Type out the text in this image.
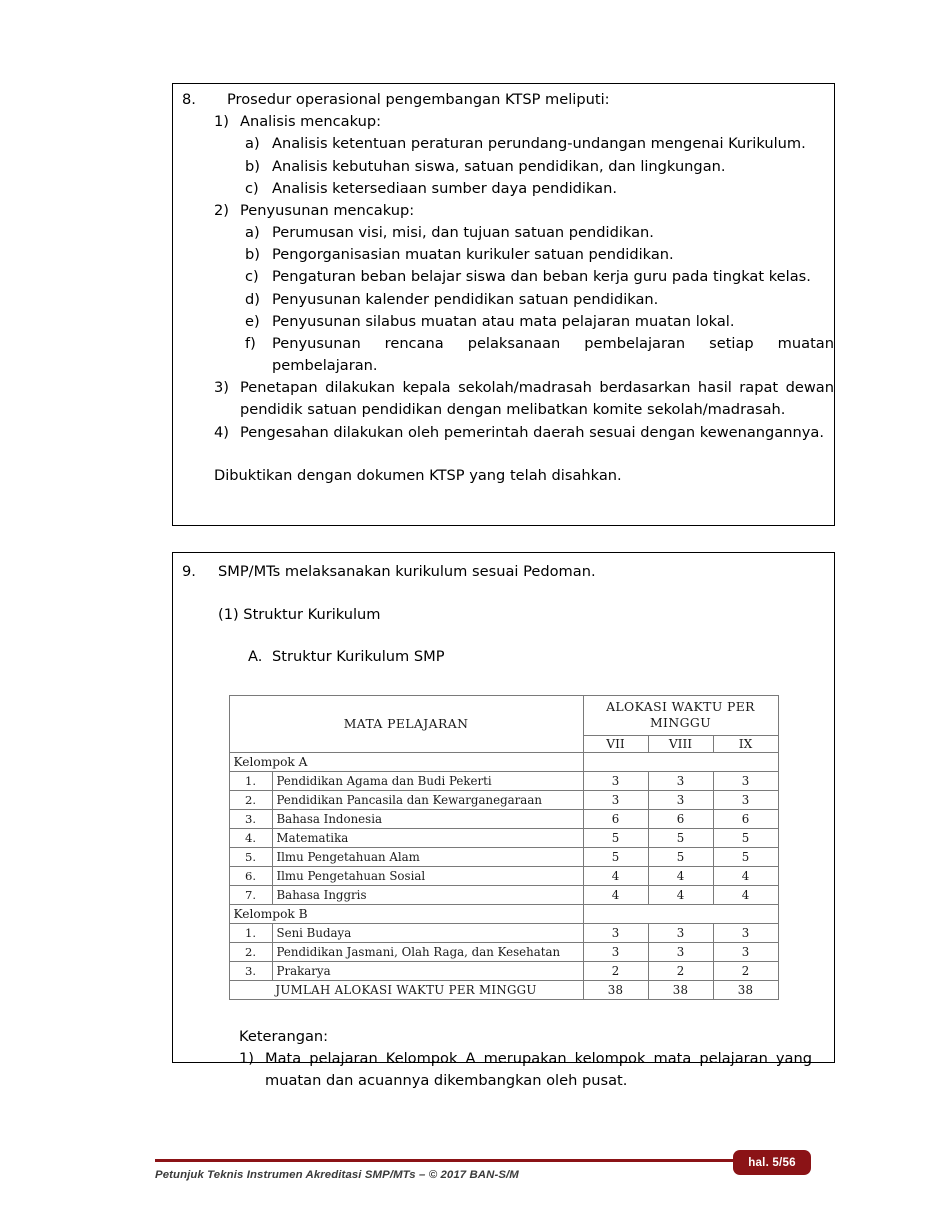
8.	Prosedur operasional pengembangan KTSP meliputi:
1) Analisis mencakup:
a) Analisis ketentuan peraturan perundang-undangan mengenai Kurikulum.
b) Analisis kebutuhan siswa, satuan pendidikan, dan lingkungan.
c) Analisis ketersediaan sumber daya pendidikan.
2) Penyusunan mencakup:
a) Perumusan visi, misi, dan tujuan satuan pendidikan.
b) Pengorganisasian muatan kurikuler satuan pendidikan.
c) Pengaturan beban belajar siswa dan beban kerja guru pada tingkat kelas.
d) Penyusunan kalender pendidikan satuan pendidikan.
e) Penyusunan silabus muatan atau mata pelajaran muatan lokal.
f)	Penyusunan rencana pelaksanaan pembelajaran setiap muatan pembelajaran.
3) Penetapan dilakukan kepala sekolah/madrasah berdasarkan hasil rapat dewan pendidik satuan pendidikan dengan melibatkan komite sekolah/madrasah.
4) Pengesahan dilakukan oleh pemerintah daerah sesuai dengan kewenangannya.
Dibuktikan dengan dokumen KTSP yang telah disahkan.
9.	SMP/MTs melaksanakan kurikulum sesuai Pedoman.
(1) Struktur Kurikulum
A. Struktur Kurikulum SMP
MATA PELAJARAN		ALOKASI WAKTU PER MINGGU		
		VII	VIII	IX
Kelompok A				
1.	Pendidikan Agama dan Budi Pekerti	3	3	3
2.	Pendidikan Pancasila dan Kewarganegaraan	3	3	3
3.	Bahasa Indonesia	6	6	6
4.	Matematika	5	5	5
5.	Ilmu Pengetahuan Alam	5	5	5
6.	Ilmu Pengetahuan Sosial	4	4	4
7.	Bahasa Inggris	4	4	4
Kelompok B				
1.	Seni Budaya	3	3	3
2.	Pendidikan Jasmani, Olah Raga, dan Kesehatan	3	3	3
3.	Prakarya	2	2	2
JUMLAH ALOKASI WAKTU PER MINGGU		38	38	38
Keterangan:
1) Mata pelajaran Kelompok A merupakan kelompok mata pelajaran yang muatan dan acuannya dikembangkan oleh pusat.
hal. 5/56
Petunjuk Teknis Instrumen Akreditasi SMP/MTs – © 2017 BAN-S/M
